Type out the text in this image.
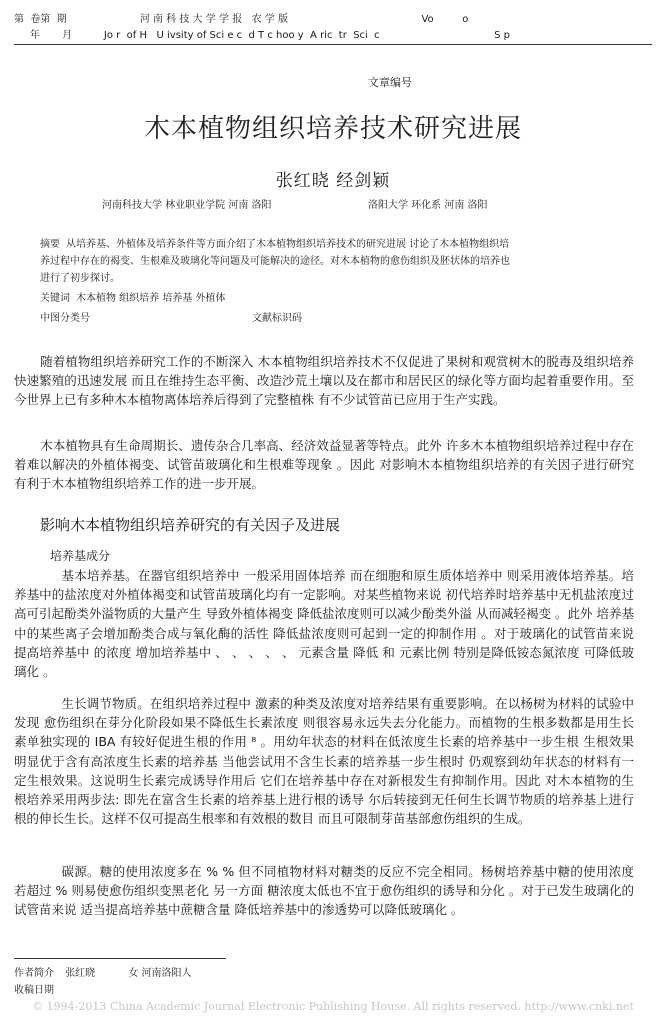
第  卷第  期                       河 南 科 技 大 学 学 报   农 学 版                                          Vo         o
年       月          Jo r  of H   U ivsity of Sci e c  d T c hoo y  A ric  tr  Sci  c                                    S p
文章编号
木本植物组织培养技术研究进展
张红晓 经剑颖
河南科技大学 林业职业学院 河南 洛阳	洛阳大学 环化系 河南 洛阳
摘要 从培养基、外植体及培养条件等方面介绍了木本植物组织培养技术的研究进展 讨论了木本植物组织培
养过程中存在的褐变、生根难及玻璃化等问题及可能解决的途径。对木本植物的愈伤组织及胚状体的培养也
进行了初步探讨。
关键词 木本植物 组织培养 培养基 外植体
中图分类号	文献标识码
随着植物组织培养研究工作的不断深入 木本植物组织培养技术不仅促进了果树和观赏树木的脱毒及组织培养快速繁殖的迅速发展 而且在维持生态平衡、改造沙荒土壤以及在都市和居民区的绿化等方面均起着重要作用。至今世界上已有多种木本植物离体培养后得到了完整植株 有不少试管苗已应用于生产实践。
木本植物具有生命周期长、遗传杂合几率高、经济效益显著等特点。此外 许多木本植物组织培养过程中存在着难以解决的外植体褐变、试管苗玻璃化和生根难等现象 。因此 对影响木本植物组织培养的有关因子进行研究 有利于木本植物组织培养工作的进一步开展。
影响木本植物组织培养研究的有关因子及进展
培养基成分
基本培养基。在器官组织培养中 一般采用固体培养 而在细胞和原生质体培养中 则采用液体培养基。培养基中的盐浓度对外植体褐变和试管苗玻璃化均有一定影响。对某些植物来说 初代培养时培养基中无机盐浓度过高可引起酚类外溢物质的大量产生 导致外植体褐变 降低盐浓度则可以减少酚类外溢 从而减轻褐变 。此外 培养基中的某些离子会增加酚类合成与氧化酶的活性 降低盐浓度则可起到一定的抑制作用 。对于玻璃化的试管苗来说 提高培养基中 的浓度 增加培养基中 、 、 、 、 、 元素含量 降低 和 元素比例 特别是降低铵态氮浓度 可降低玻璃化 。
生长调节物质。在组织培养过程中 激素的种类及浓度对培养结果有重要影响。在以杨树为材料的试验中发现 愈伤组织在芽分化阶段如果不降低生长素浓度 则很容易永远失去分化能力。而植物的生根多数都是用生长素单独实现的 IBA 有较好促进生根的作用 ⁸ 。用幼年状态的材料在低浓度生长素的培养基中一步生根 生根效果明显优于含有高浓度生长素的培养基 当他尝试用不含生长素的培养基一步生根时 仍观察到幼年状态的材料有一定生根效果。这说明生长素完成诱导作用后 它们在培养基中存在对新根发生有抑制作用。因此 对木本植物的生根培养采用两步法: 即先在富含生长素的培养基上进行根的诱导 尔后转接到无任何生长调节物质的培养基上进行根的伸长生长。这样不仅可提高生根率和有效根的数目 而且可限制芽苗基部愈伤组织的生成。
碳源。糖的使用浓度多在 % % 但不同植物材料对糖类的反应不完全相同。杨树培养基中糖的使用浓度若超过 % 则易使愈伤组织变黑老化 另一方面 糖浓度太低也不宜于愈伤组织的诱导和分化 。对于已发生玻璃化的试管苗来说 适当提高培养基中蔗糖含量 降低培养基中的渗透势可以降低玻璃化 。
作者简介 张红晓	女 河南洛阳人
收稿日期
© 1994-2013 China Academic Journal Electronic Publishing House. All rights reserved. http://www.cnki.net
